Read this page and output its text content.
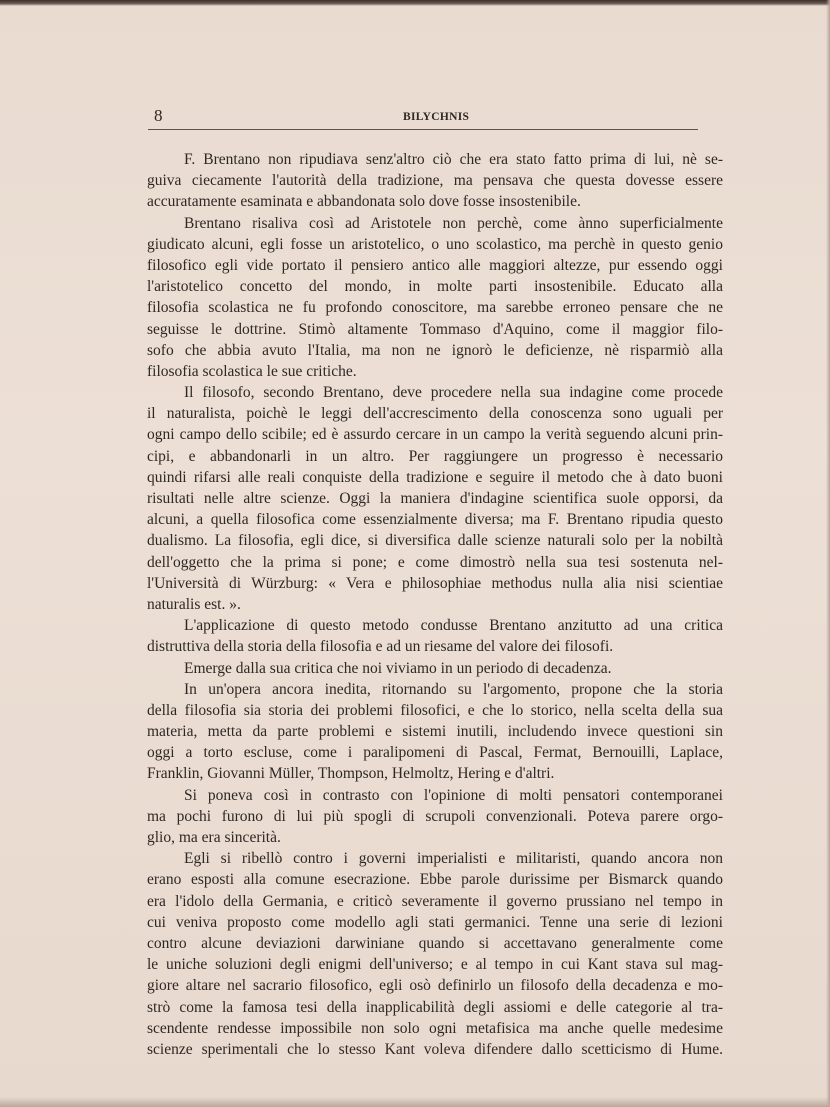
8	BILYCHNIS
F. Brentano non ripudiava senz'altro ciò che era stato fatto prima di lui, nè se-
guiva ciecamente l'autorità della tradizione, ma pensava che questa dovesse essere
accuratamente esaminata e abbandonata solo dove fosse insostenibile.
Brentano risaliva così ad Aristotele non perchè, come ànno superficialmente
giudicato alcuni, egli fosse un aristotelico, o uno scolastico, ma perchè in questo genio
filosofico egli vide portato il pensiero antico alle maggiori altezze, pur essendo oggi
l'aristotelico concetto del mondo, in molte parti insostenibile. Educato alla
filosofia scolastica ne fu profondo conoscitore, ma sarebbe erroneo pensare che ne
seguisse le dottrine. Stimò altamente Tommaso d'Aquino, come il maggior filo-
sofo che abbia avuto l'Italia, ma non ne ignorò le deficienze, nè risparmiò alla
filosofia scolastica le sue critiche.
Il filosofo, secondo Brentano, deve procedere nella sua indagine come procede
il naturalista, poichè le leggi dell'accrescimento della conoscenza sono uguali per
ogni campo dello scibile; ed è assurdo cercare in un campo la verità seguendo alcuni prin-
cipi, e abbandonarli in un altro. Per raggiungere un progresso è necessario
quindi rifarsi alle reali conquiste della tradizione e seguire il metodo che à dato buoni
risultati nelle altre scienze. Oggi la maniera d'indagine scientifica suole opporsi, da
alcuni, a quella filosofica come essenzialmente diversa; ma F. Brentano ripudia questo
dualismo. La filosofia, egli dice, si diversifica dalle scienze naturali solo per la nobiltà
dell'oggetto che la prima si pone; e come dimostrò nella sua tesi sostenuta nel-
l'Università di Würzburg: « Vera e philosophiae methodus nulla alia nisi scientiae
naturalis est. ».
L'applicazione di questo metodo condusse Brentano anzitutto ad una critica
distruttiva della storia della filosofia e ad un riesame del valore dei filosofi.
Emerge dalla sua critica che noi viviamo in un periodo di decadenza.
In un'opera ancora inedita, ritornando su l'argomento, propone che la storia
della filosofia sia storia dei problemi filosofici, e che lo storico, nella scelta della sua
materia, metta da parte problemi e sistemi inutili, includendo invece questioni sin
oggi a torto escluse, come i paralipomeni di Pascal, Fermat, Bernouilli, Laplace,
Franklin, Giovanni Müller, Thompson, Helmoltz, Hering e d'altri.
Si poneva così in contrasto con l'opinione di molti pensatori contemporanei
ma pochi furono di lui più spogli di scrupoli convenzionali. Poteva parere orgo-
glio, ma era sincerità.
Egli si ribellò contro i governi imperialisti e militaristi, quando ancora non
erano esposti alla comune esecrazione. Ebbe parole durissime per Bismarck quando
era l'idolo della Germania, e criticò severamente il governo prussiano nel tempo in
cui veniva proposto come modello agli stati germanici. Tenne una serie di lezioni
contro alcune deviazioni darwiniane quando si accettavano generalmente come
le uniche soluzioni degli enigmi dell'universo; e al tempo in cui Kant stava sul mag-
giore altare nel sacrario filosofico, egli osò definirlo un filosofo della decadenza e mo-
strò come la famosa tesi della inapplicabilità degli assiomi e delle categorie al tra-
scendente rendesse impossibile non solo ogni metafisica ma anche quelle medesime
scienze sperimentali che lo stesso Kant voleva difendere dallo scetticismo di Hume.
